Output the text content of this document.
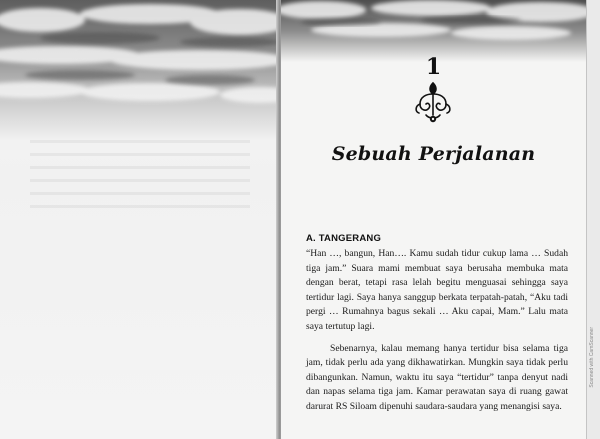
1
Sebuah Perjalanan
A. TANGERANG

“Han …, bangun, Han…. Kamu sudah tidur cukup lama … Sudah tiga jam.” Suara mami membuat saya berusaha membuka mata dengan berat, tetapi rasa lelah begitu menguasai sehingga saya tertidur lagi. Saya hanya sanggup berkata terpatah-patah, “Aku tadi pergi … Rumahnya bagus sekali … Aku capai, Mam.” Lalu mata saya tertutup lagi.

Sebenarnya, kalau memang hanya tertidur bisa selama tiga jam, tidak perlu ada yang dikhawatirkan. Mungkin saya tidak perlu dibangunkan. Namun, waktu itu saya “tertidur” tanpa denyut nadi dan napas selama tiga jam. Kamar perawatan saya di ruang gawat darurat RS Siloam dipenuhi saudara-saudara yang menangisi saya.

Scanned with CamScanner
